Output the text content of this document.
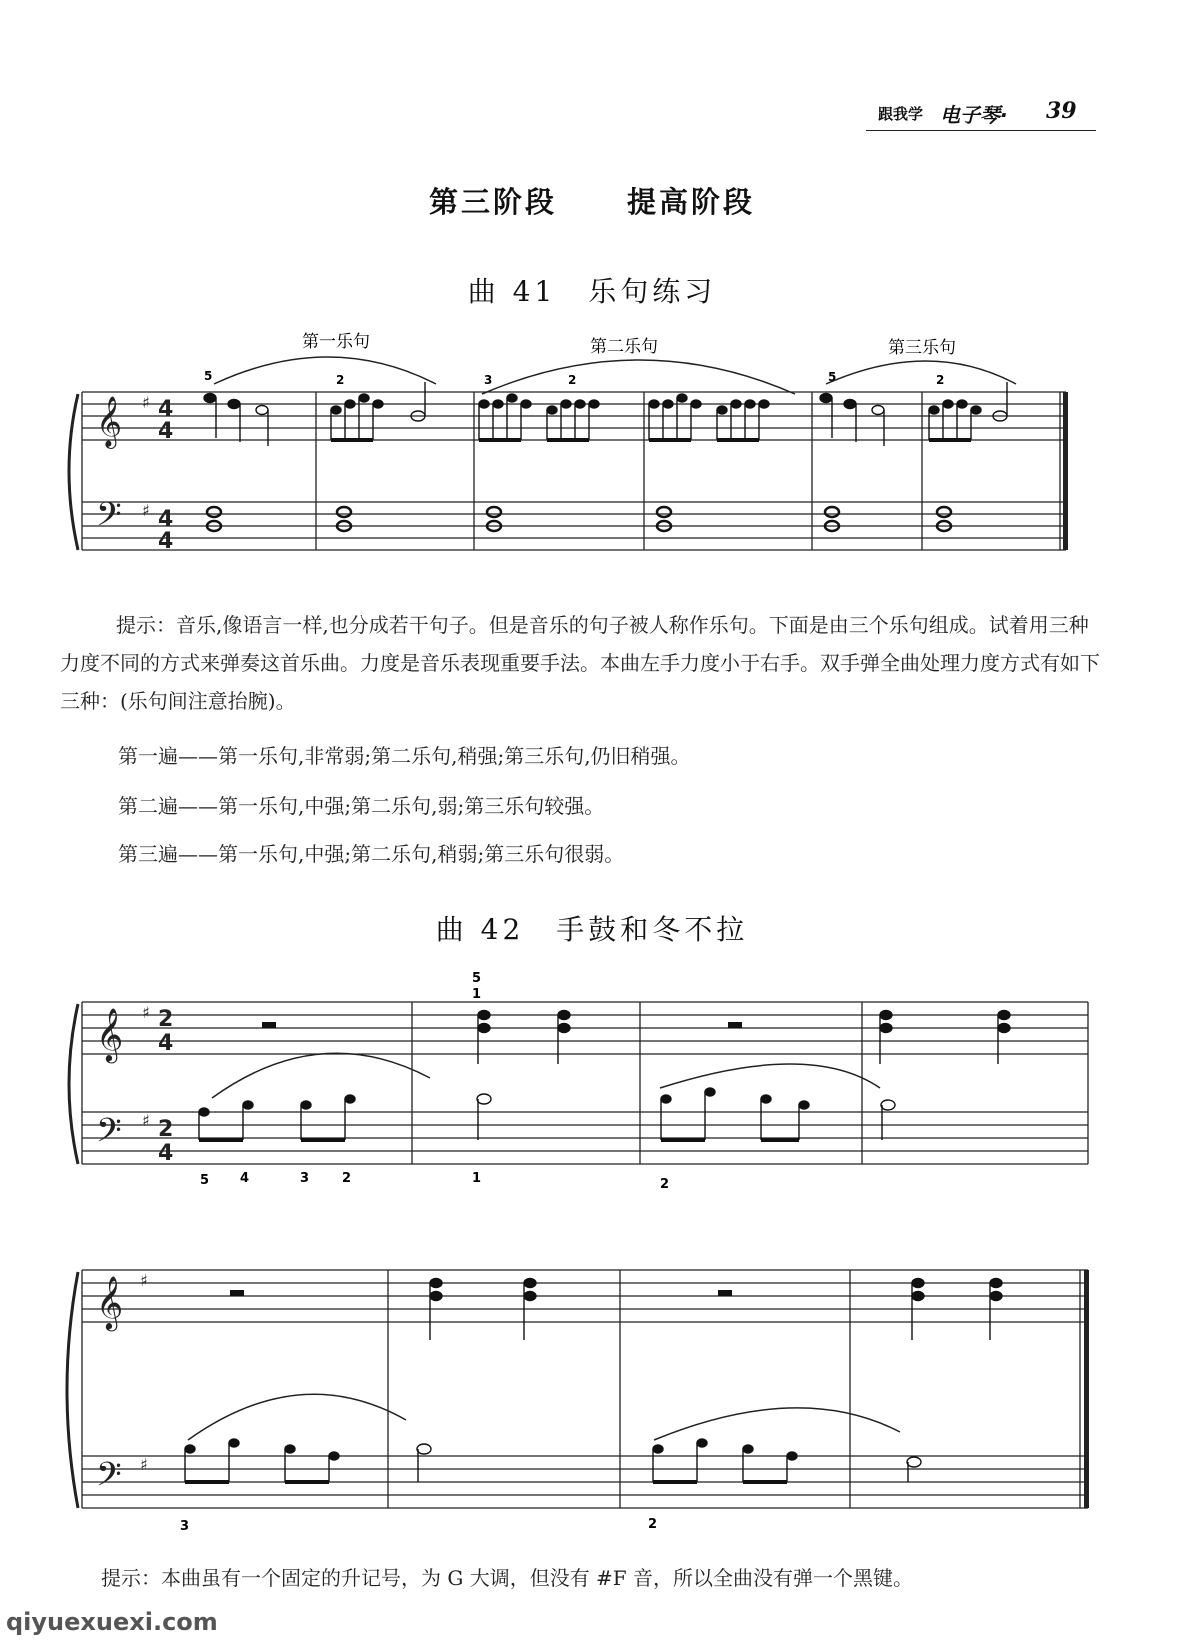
跟我学 电子琴· 39
第三阶段 提高阶段
曲 41　乐句练习
第一乐句	第二乐句	第三乐句
5	2	3	2	5	2
𝄞 ♯ 4
4
𝄢 ♯ 4
4

提示：音乐,像语言一样,也分成若干句子。但是音乐的句子被人称作乐句。下面是由三个乐句组成。试着用三种力度不同的方式来弹奏这首乐曲。力度是音乐表现重要手法。本曲左手力度小于右手。双手弹全曲处理力度方式有如下三种：(乐句间注意抬腕)。

第一遍——第一乐句,非常弱;第二乐句,稍强;第三乐句,仍旧稍强。
第二遍——第一乐句,中强;第二乐句,弱;第三乐句较强。
第三遍——第一乐句,中强;第二乐句,稍弱;第三乐句很弱。
曲 42　手鼓和冬不拉
5
1
𝄞 ♯ 2
4
𝄢 ♯ 2
4
5 4	3	2	1	2
𝄞 ♯
𝄢 ♯
3	2
提示：本曲虽有一个固定的升记号，为 G 大调，但没有 #F 音，所以全曲没有弹一个黑键。
qiyuexuexi.com
